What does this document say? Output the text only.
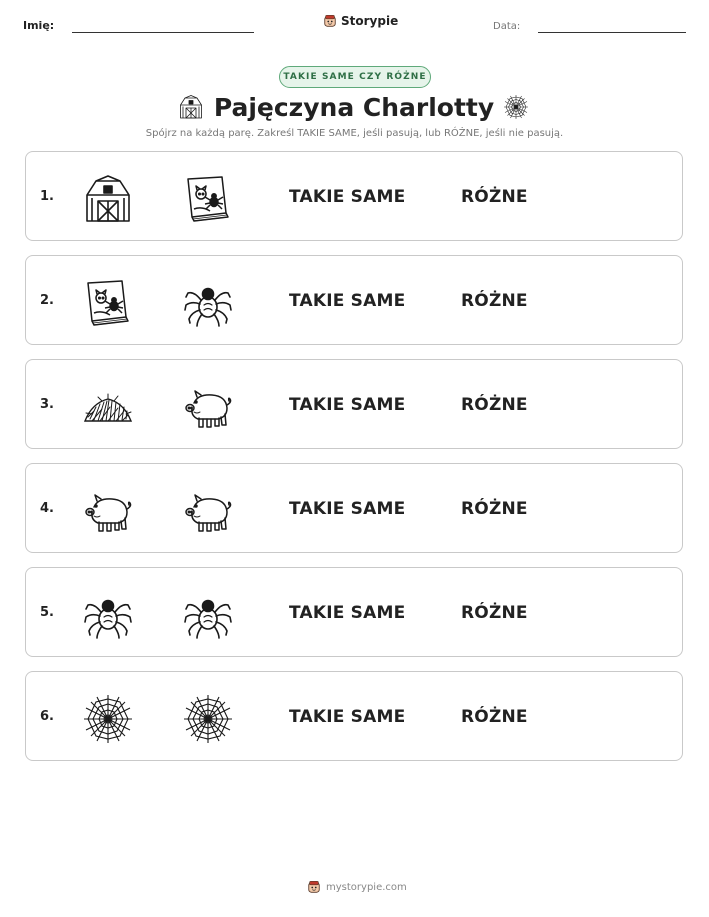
Imię:	Storypie	Data:
TAKIE SAME CZY RÓŻNE
Pajęczyna Charlotty
Spójrz na każdą parę. Zakreśl TAKIE SAME, jeśli pasują, lub RÓŻNE, jeśli nie pasują.
1.	TAKIE SAME	RÓŻNE
2.	TAKIE SAME	RÓŻNE
3.	TAKIE SAME	RÓŻNE
4.	TAKIE SAME	RÓŻNE
5.	TAKIE SAME	RÓŻNE
6.	TAKIE SAME	RÓŻNE
mystorypie.com
